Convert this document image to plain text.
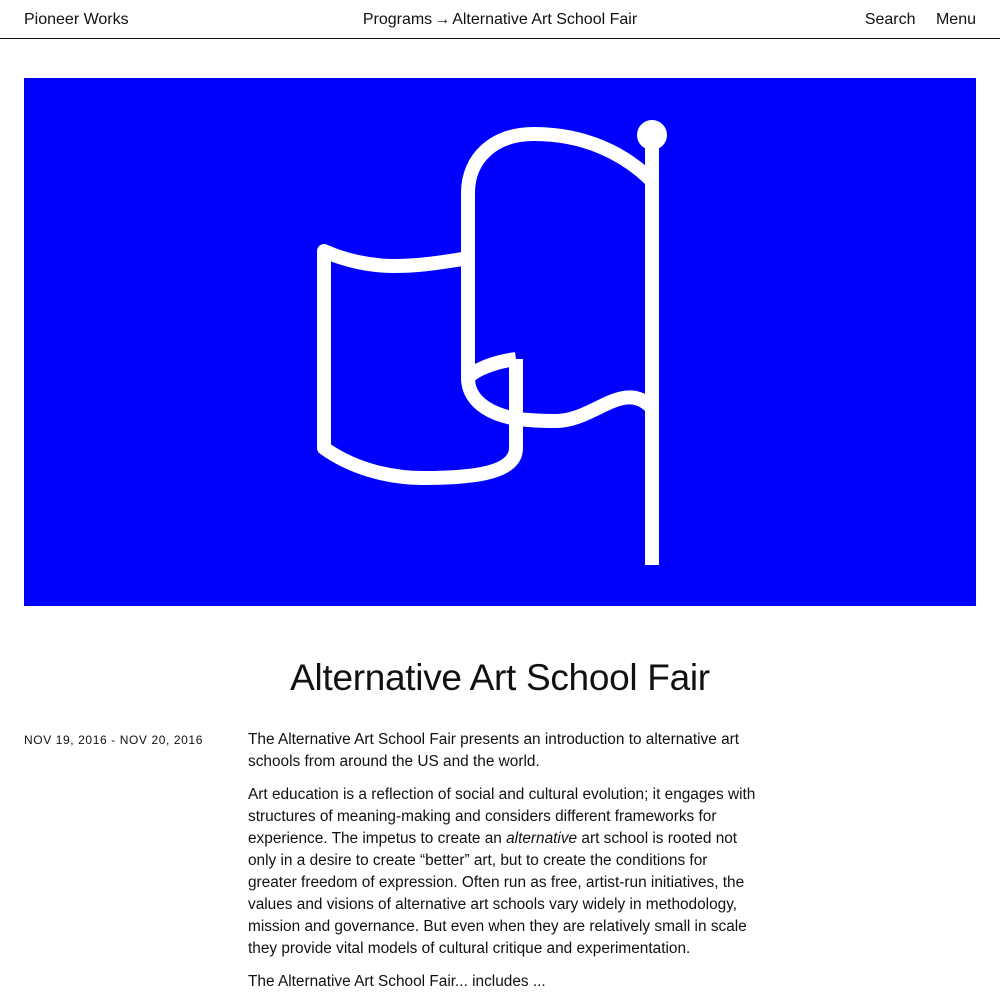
Pioneer Works	Programs → Alternative Art School Fair	Search Menu
Alternative Art School Fair
NOV 19, 2016 - NOV 20, 2016	The Alternative Art School Fair presents an introduction to alternative art schools from around the US and the world.

Art education is a reflection of social and cultural evolution; it engages with structures of meaning-making and considers different frameworks for experience. The impetus to create an alternative art school is rooted not only in a desire to create “better” art, but to create the conditions for greater freedom of expression. Often run as free, artist-run initiatives, the values and visions of alternative art schools vary widely in methodology, mission and governance. But even when they are relatively small in scale they provide vital models of cultural critique and experimentation.

The Alternative Art School Fair... includes ...
